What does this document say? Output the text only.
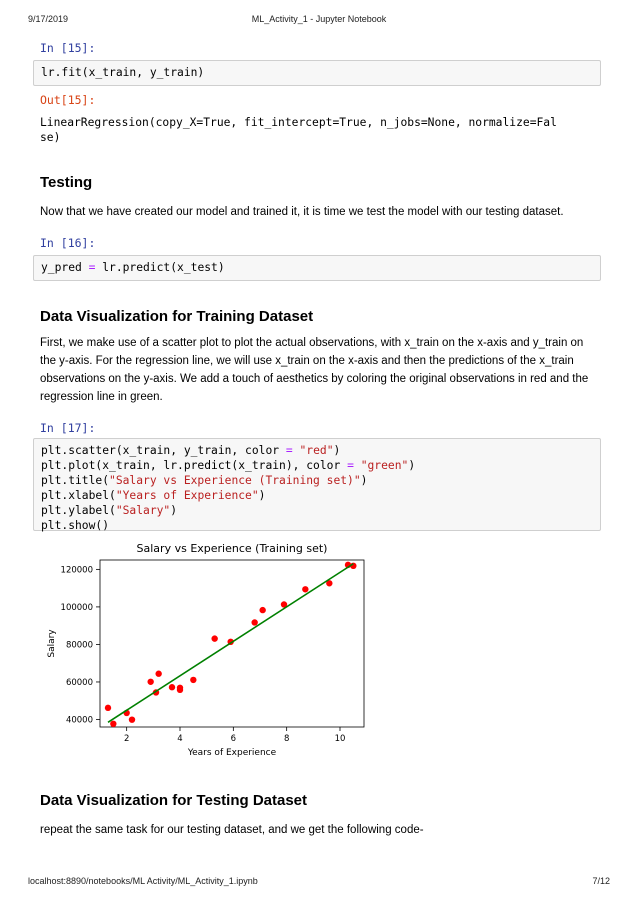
9/17/2019	ML_Activity_1 - Jupyter Notebook
In [15]:
lr.fit(x_train, y_train)
Out[15]:
LinearRegression(copy_X=True, fit_intercept=True, n_jobs=None, normalize=Fal
se)
Testing

Now that we have created our model and trained it, it is time we test the model with our testing dataset.

In [16]:
y_pred = lr.predict(x_test)
Data Visualization for Training Dataset

First, we make use of a scatter plot to plot the actual observations, with x_train on the x-axis and y_train on the y-axis. For the regression line, we will use x_train on the x-axis and then the predictions of the x_train observations on the y-axis. We add a touch of aesthetics by coloring the original observations in red and the regression line in green.

In [17]:
plt.scatter(x_train, y_train, color = "red")
plt.plot(x_train, lr.predict(x_train), color = "green")
plt.title("Salary vs Experience (Training set)")
plt.xlabel("Years of Experience")
plt.ylabel("Salary")
plt.show()
Salary vs Experience (Training set)
Years of Experience
Salary
2	4	6	8	10
40000
60000
80000
100000
120000
Data Visualization for Testing Dataset

repeat the same task for our testing dataset, and we get the following code-

localhost:8890/notebooks/ML Activity/ML_Activity_1.ipynb	7/12
